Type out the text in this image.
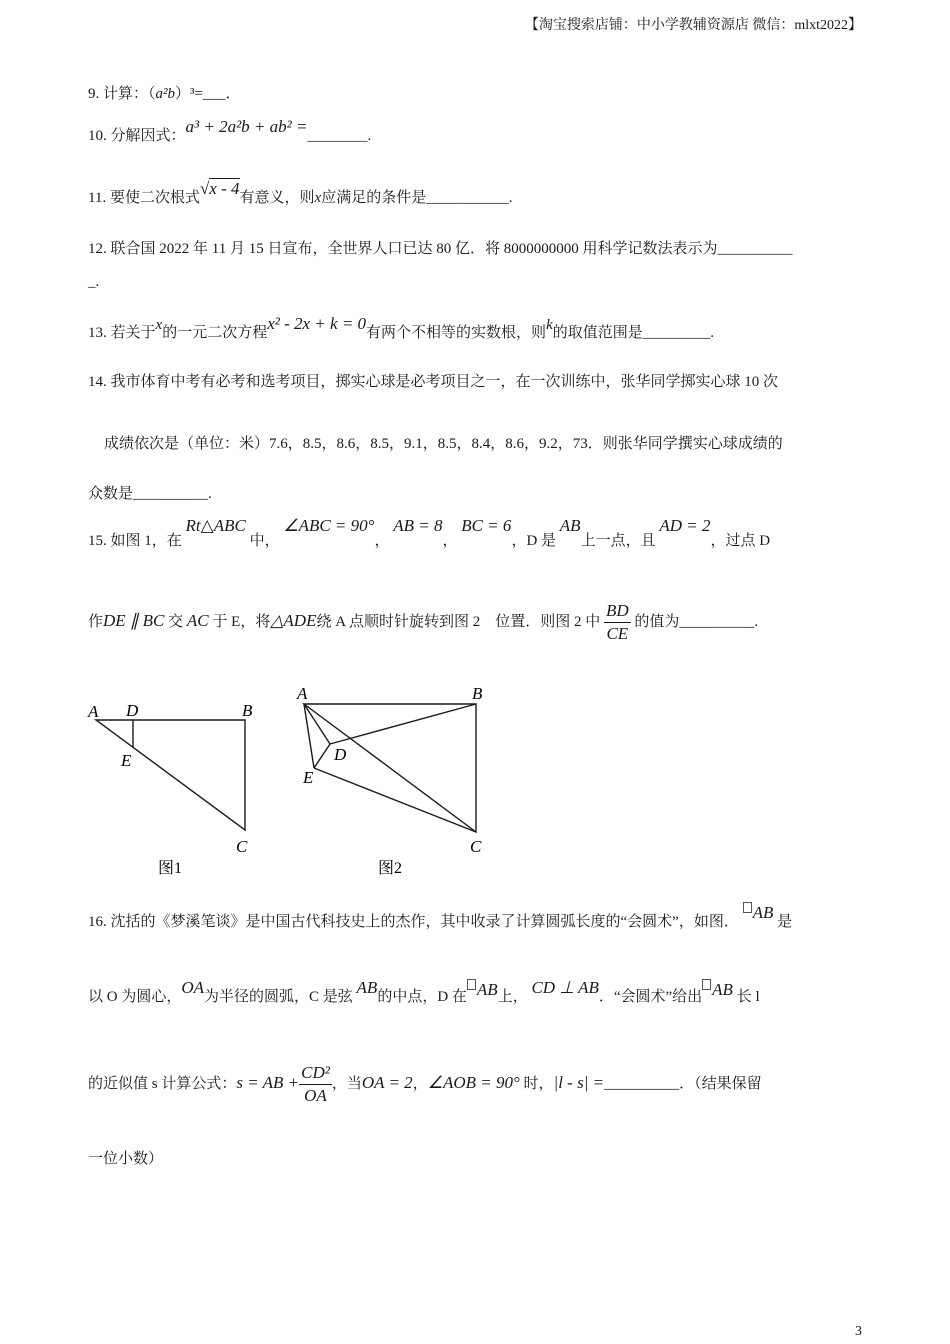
【淘宝搜索店铺：中小学教辅资源店 微信：mlxt2022】
9. 计算：（a²b）³=___．
10. 分解因式：a³ + 2a²b + ab² =________.
11. 要使二次根式√x - 4有意义，则x应满足的条件是___________.
12. 联合国 2022 年 11 月 15 日宣布，全世界人口已达 80 亿．将 8000000000 用科学记数法表示为__________
_.
13. 若关于x的一元二次方程x² - 2x + k = 0有两个不相等的实数根，则k的取值范围是_________.
14. 我市体育中考有必考和选考项目，掷实心球是必考项目之一，在一次训练中，张华同学掷实心球 10 次
成绩依次是（单位：米）7.6，8.5，8.6，8.5，9.1，8.5，8.4，8.6，9.2，73．则张华同学撰实心球成绩的
众数是__________.
15. 如图 1，在 Rt△ABC 中， ∠ABC = 90°， AB = 8， BC = 6，D 是 AB上一点，且 AD = 2，过点 D
作DE ∥ BC 交 AC 于 E，将△ADE绕 A 点顺时针旋转到图 2　位置．则图 2 中 $\frac{BD}{CE}$ 的值为__________.
A D	B
E
C
图1
A	B
D
E
C
图2
16. 沈括的《梦溪笔谈》是中国古代科技史上的杰作，其中收录了计算圆弧长度的“会圆术”，如图． AB 是
以 O 为圆心，OA为半径的圆弧，C 是弦 AB的中点，D 在 AB上， CD ⊥ AB．“会圆术”给出 AB 长 l
的近似值 s 计算公式：s = AB + $\frac{\text{CD²}}{OA}$ ，当OA = 2，∠AOB = 90° 时，|l - s| =__________．（结果保留
一位小数）
3
